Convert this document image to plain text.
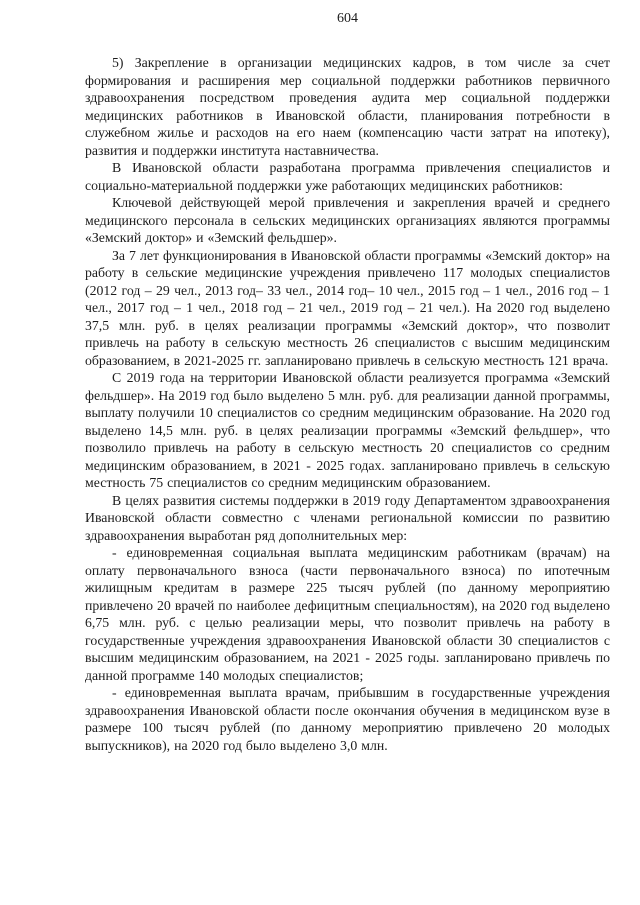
604

5) Закрепление в организации медицинских кадров, в том числе за счет формирования и расширения мер социальной поддержки работников первичного здравоохранения посредством проведения аудита мер социальной поддержки медицинских работников в Ивановской области, планирования потребности в служебном жилье и расходов на его наем (компенсацию части затрат на ипотеку), развития и поддержки института наставничества.

В Ивановской области разработана программа привлечения специалистов и социально-материальной поддержки уже работающих медицинских работников:

Ключевой действующей мерой привлечения и закрепления врачей и среднего медицинского персонала в сельских медицинских организациях являются программы «Земский доктор» и «Земский фельдшер».

За 7 лет функционирования в Ивановской области программы «Земский доктор» на работу в сельские медицинские учреждения привлечено 117 молодых специалистов (2012 год – 29 чел., 2013 год– 33 чел., 2014 год– 10 чел., 2015 год – 1 чел., 2016 год – 1 чел., 2017 год – 1 чел., 2018 год – 21 чел., 2019 год – 21 чел.). На 2020 год выделено 37,5 млн. руб. в целях реализации программы «Земский доктор», что позволит привлечь на работу в сельскую местность 26 специалистов с высшим медицинским образованием, в 2021-2025 гг. запланировано привлечь в сельскую местность 121 врача.

С 2019 года на территории Ивановской области реализуется программа «Земский фельдшер». На 2019 год было выделено 5 млн. руб. для реализации данной программы, выплату получили 10 специалистов со средним медицинским образование. На 2020 год выделено 14,5 млн. руб. в целях реализации программы «Земский фельдшер», что позволило привлечь на работу в сельскую местность 20 специалистов со средним медицинским образованием, в 2021 - 2025 годах. запланировано привлечь в сельскую местность 75 специалистов со средним медицинским образованием.

В целях развития системы поддержки в 2019 году Департаментом здравоохранения Ивановской области совместно с членами региональной комиссии по развитию здравоохранения выработан ряд дополнительных мер:

- единовременная социальная выплата медицинским работникам (врачам) на оплату первоначального взноса (части первоначального взноса) по ипотечным жилищным кредитам в размере 225 тысяч рублей (по данному мероприятию привлечено 20 врачей по наиболее дефицитным специальностям), на 2020 год выделено 6,75 млн. руб. с целью реализации меры, что позволит привлечь на работу в государственные учреждения здравоохранения Ивановской области 30 специалистов с высшим медицинским образованием, на 2021 - 2025 годы. запланировано привлечь по данной программе 140 молодых специалистов;

- единовременная выплата врачам, прибывшим в государственные учреждения здравоохранения Ивановской области после окончания обучения в медицинском вузе в размере 100 тысяч рублей (по данному мероприятию привлечено 20 молодых выпускников), на 2020 год было выделено 3,0 млн.
